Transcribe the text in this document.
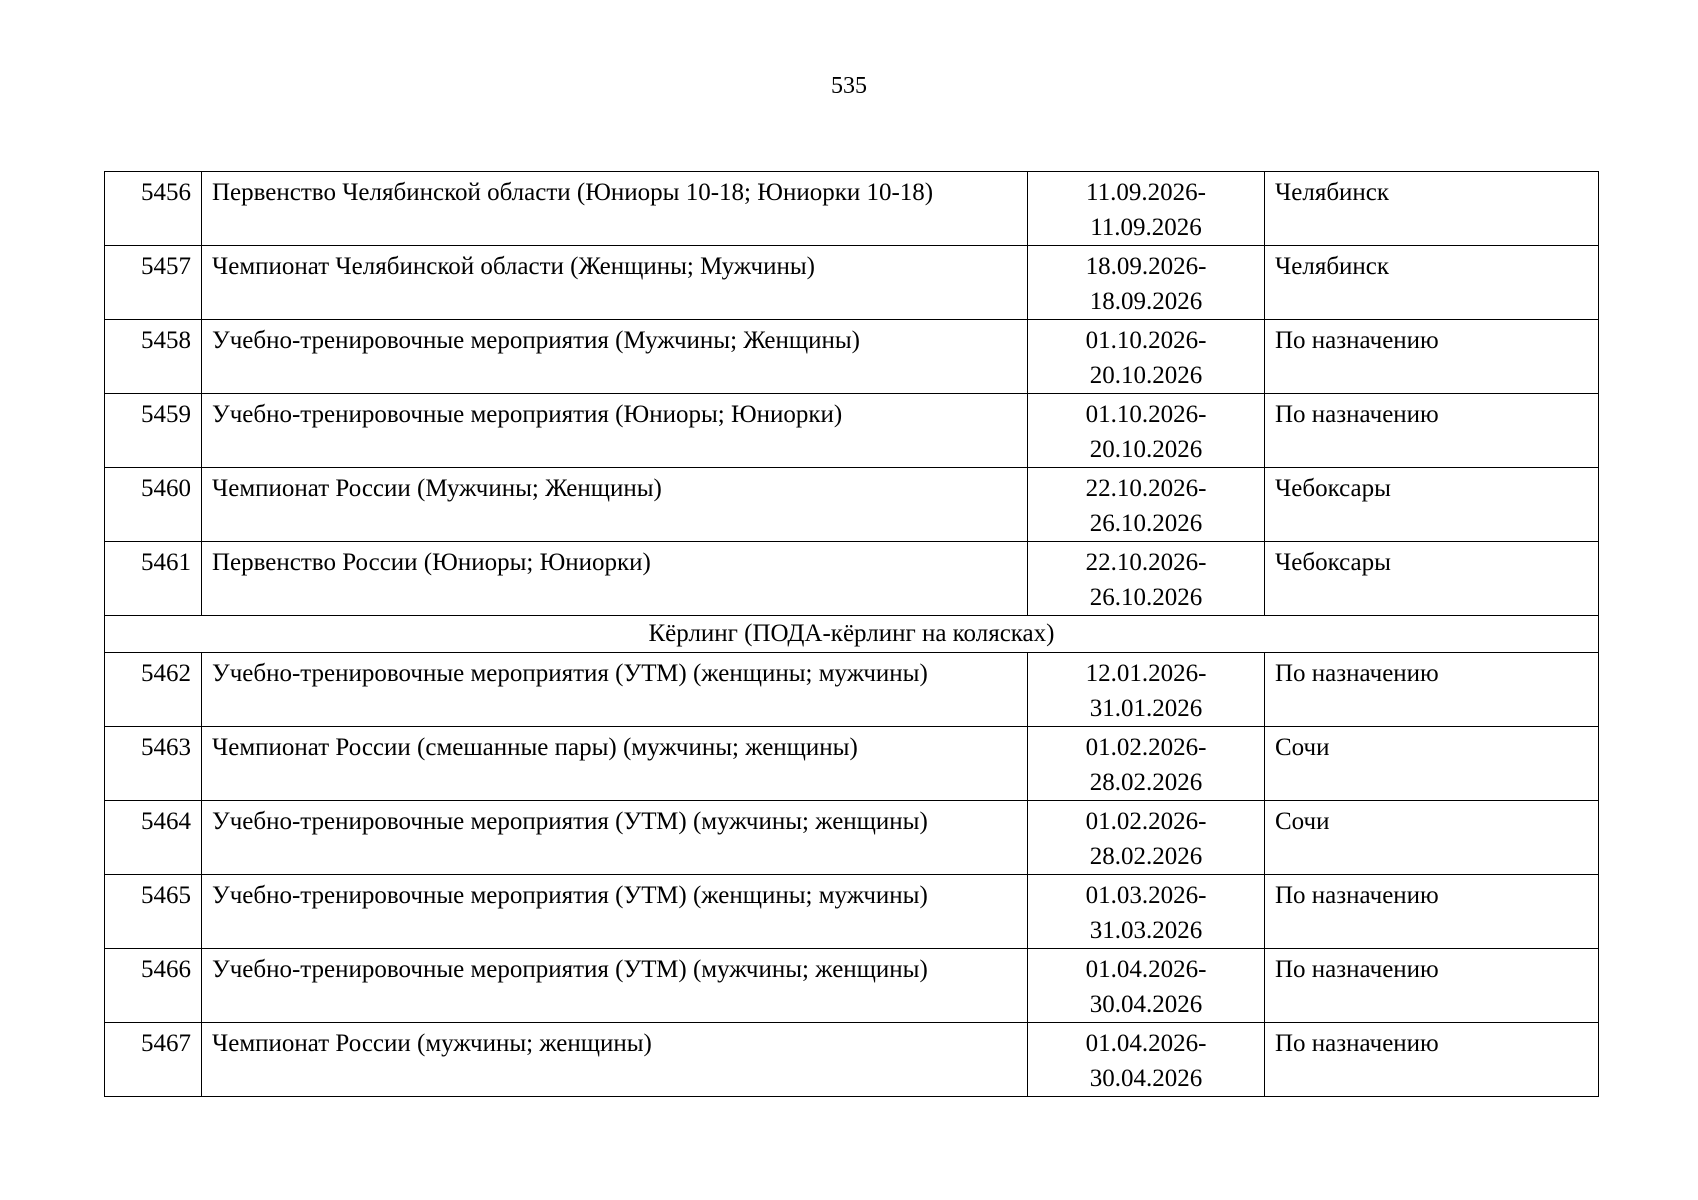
535
5456	Первенство Челябинской области (Юниоры 10-18; Юниорки 10-18)	11.09.2026-11.09.2026	Челябинск
5457	Чемпионат Челябинской области (Женщины; Мужчины)	18.09.2026-18.09.2026	Челябинск
5458	Учебно-тренировочные мероприятия (Мужчины; Женщины)	01.10.2026-20.10.2026	По назначению
5459	Учебно-тренировочные мероприятия (Юниоры; Юниорки)	01.10.2026-20.10.2026	По назначению
5460	Чемпионат России (Мужчины; Женщины)	22.10.2026-26.10.2026	Чебоксары
5461	Первенство России (Юниоры; Юниорки)	22.10.2026-26.10.2026	Чебоксары
Кёрлинг (ПОДА-кёрлинг на колясках)			
5462	Учебно-тренировочные мероприятия (УТМ) (женщины; мужчины)	12.01.2026-31.01.2026	По назначению
5463	Чемпионат России (смешанные пары) (мужчины; женщины)	01.02.2026-28.02.2026	Сочи
5464	Учебно-тренировочные мероприятия (УТМ) (мужчины; женщины)	01.02.2026-28.02.2026	Сочи
5465	Учебно-тренировочные мероприятия (УТМ) (женщины; мужчины)	01.03.2026-31.03.2026	По назначению
5466	Учебно-тренировочные мероприятия (УТМ) (мужчины; женщины)	01.04.2026-30.04.2026	По назначению
5467	Чемпионат России (мужчины; женщины)	01.04.2026-30.04.2026	По назначению
